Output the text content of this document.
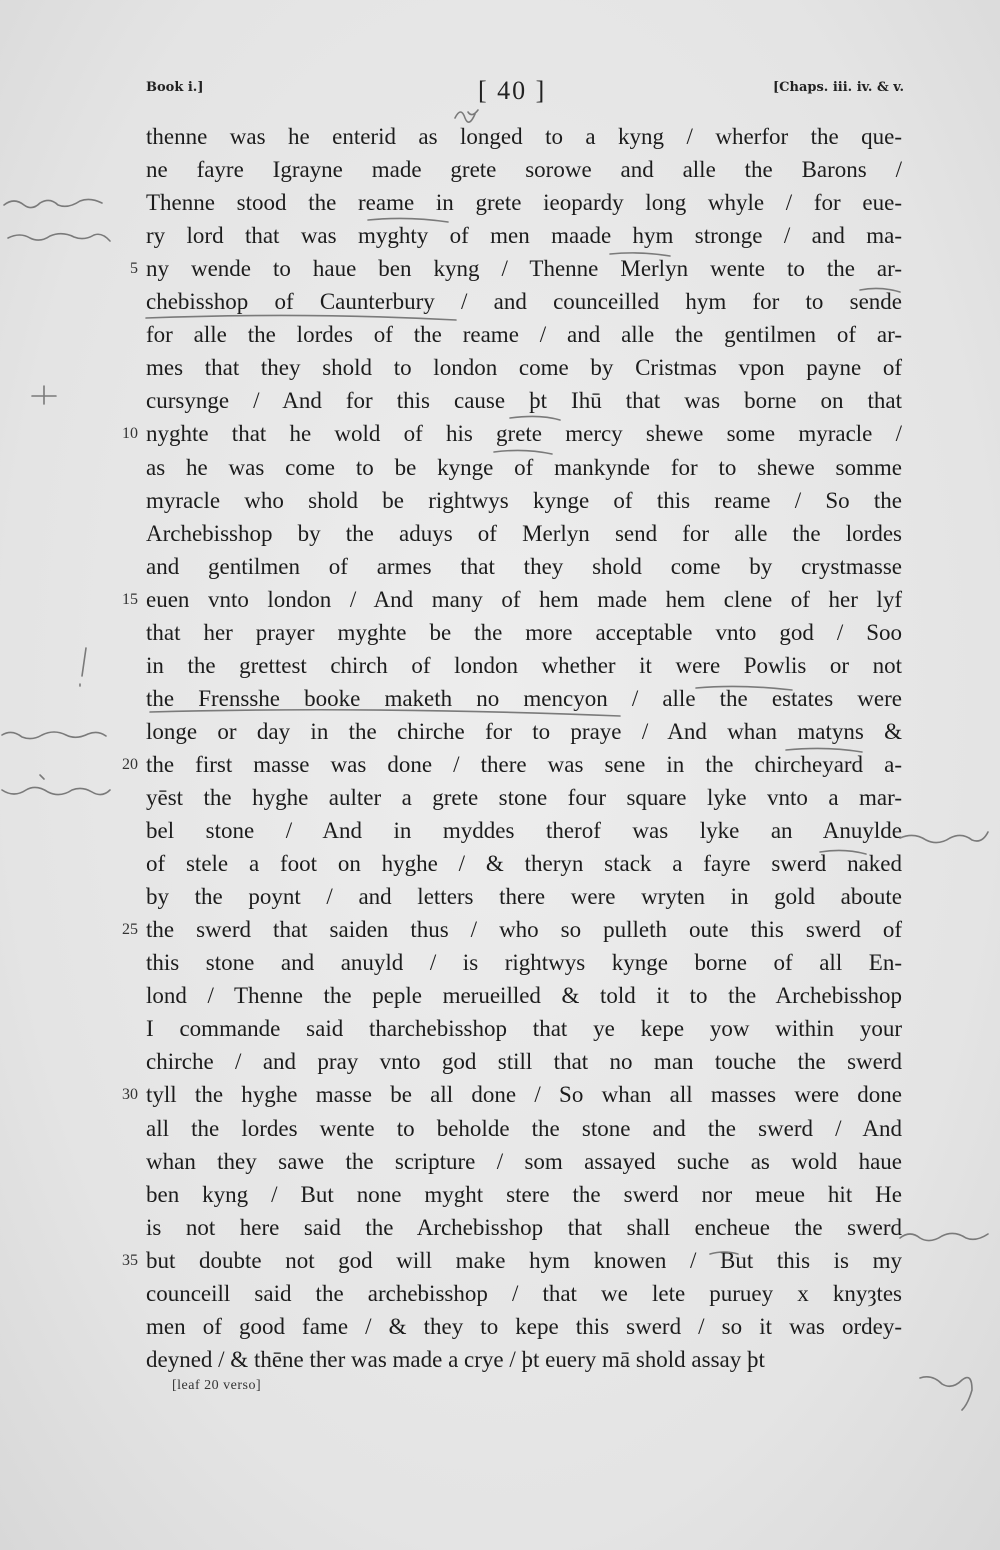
Book i.]	[ 40 ]	[Chaps. iii. iv. & v.
thenne was he enterid as longed to a kyng / wherfor the que-
ne fayre Igrayne made grete sorowe and alle the Barons /
Thenne stood the reame in grete ieopardy long whyle / for eue-
ry lord that was myghty of men maade hym stronge / and ma-
ny wende to haue ben kyng / Thenne Merlyn wente to the ar-
5
chebisshop of Caunterbury / and counceilled hym for to sende
for alle the lordes of the reame / and alle the gentilmen of ar-
mes that they shold to london come by Cristmas vpon payne of
cursynge / And for this cause þt Ihū that was borne on that
nyghte that he wold of his grete mercy shewe some myracle /
10
as he was come to be kynge of mankynde for to shewe somme
myracle who shold be rightwys kynge of this reame / So the
Archebisshop by the aduys of Merlyn send for alle the lordes
and gentilmen of armes that they shold come by crystmasse
euen vnto london / And many of hem made hem clene of her lyf
15
that her prayer myghte be the more acceptable vnto god / Soo
in the grettest chirch of london whether it were Powlis or not
the Frensshe booke maketh no mencyon / alle the estates were
longe or day in the chirche for to praye / And whan matyns &
the first masse was done / there was sene in the chircheyard a-
20
yēst the hyghe aulter a grete stone four square lyke vnto a mar-
bel stone / And in myddes therof was lyke an Anuylde
of stele a foot on hyghe / & theryn stack a fayre swerd naked
by the poynt / and letters there were wryten in gold aboute
the swerd that saiden thus / who so pulleth oute this swerd of
25
this stone and anuyld / is rightwys kynge borne of all En-
lond / Thenne the peple merueilled & told it to the Archebisshop
I commande said tharchebisshop that ye kepe yow within your
chirche / and pray vnto god still that no man touche the swerd
tyll the hyghe masse be all done / So whan all masses were done
30
all the lordes wente to beholde the stone and the swerd / And
whan they sawe the scripture / som assayed suche as wold haue
ben kyng / But none myght stere the swerd nor meue hit He
is not here said the Archebisshop that shall encheue the swerd
but doubte not god will make hym knowen / But this is my
35
counceill said the archebisshop / that we lete puruey x knyȝtes
men of good fame / & they to kepe this swerd / so it was ordey-
deyned / & thēne ther was made a crye / þt euery mā shold assay þt
[leaf 20 verso]
